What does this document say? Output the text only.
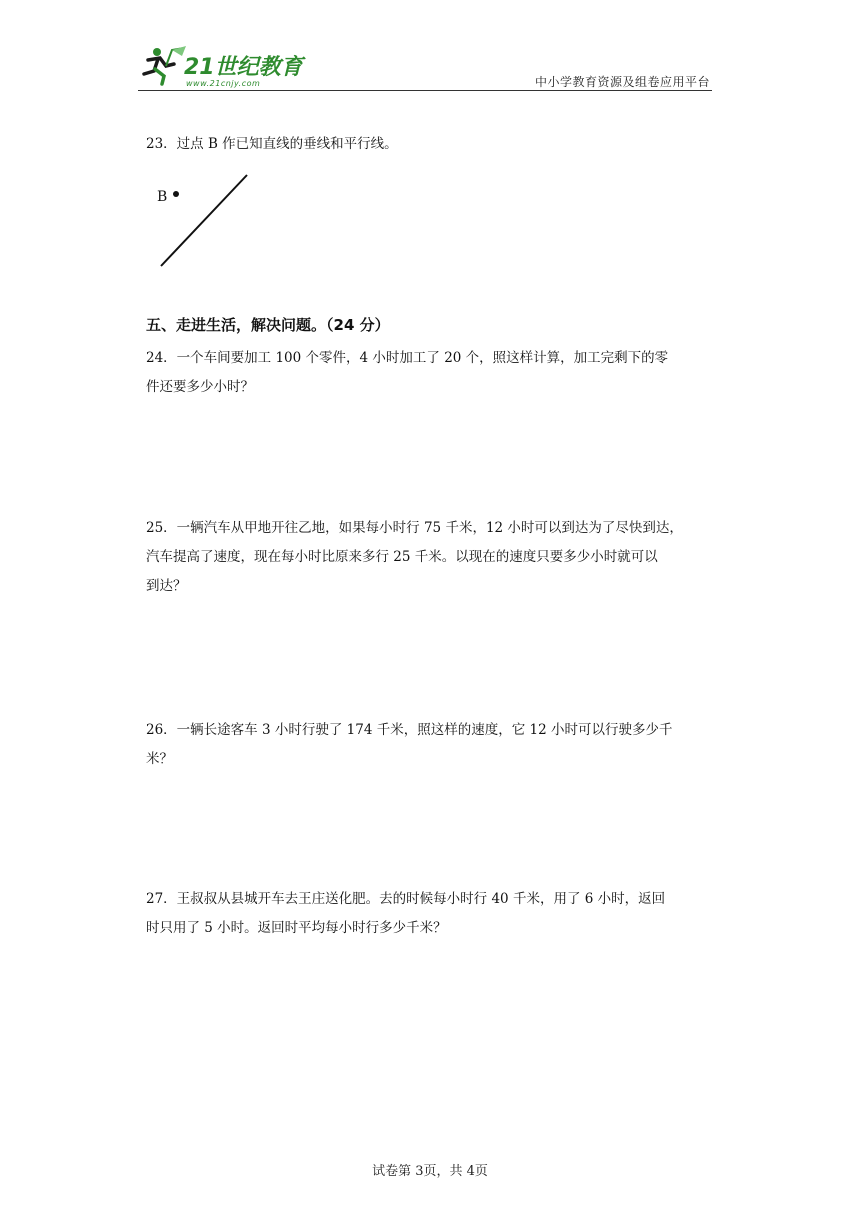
21世纪教育
www.21cnjy.com	中小学教育资源及组卷应用平台
23．过点 B 作已知直线的垂线和平行线。
B
五、走进生活，解决问题。（24 分）
24．一个车间要加工 100 个零件，4 小时加工了 20 个，照这样计算，加工完剩下的零
件还要多少小时？
25．一辆汽车从甲地开往乙地，如果每小时行 75 千米，12 小时可以到达为了尽快到达，
汽车提高了速度，现在每小时比原来多行 25 千米。以现在的速度只要多少小时就可以
到达？
26．一辆长途客车 3 小时行驶了 174 千米，照这样的速度，它 12 小时可以行驶多少千
米？
27．王叔叔从县城开车去王庄送化肥。去的时候每小时行 40 千米，用了 6 小时，返回
时只用了 5 小时。返回时平均每小时行多少千米？
试卷第 3页，共 4页
